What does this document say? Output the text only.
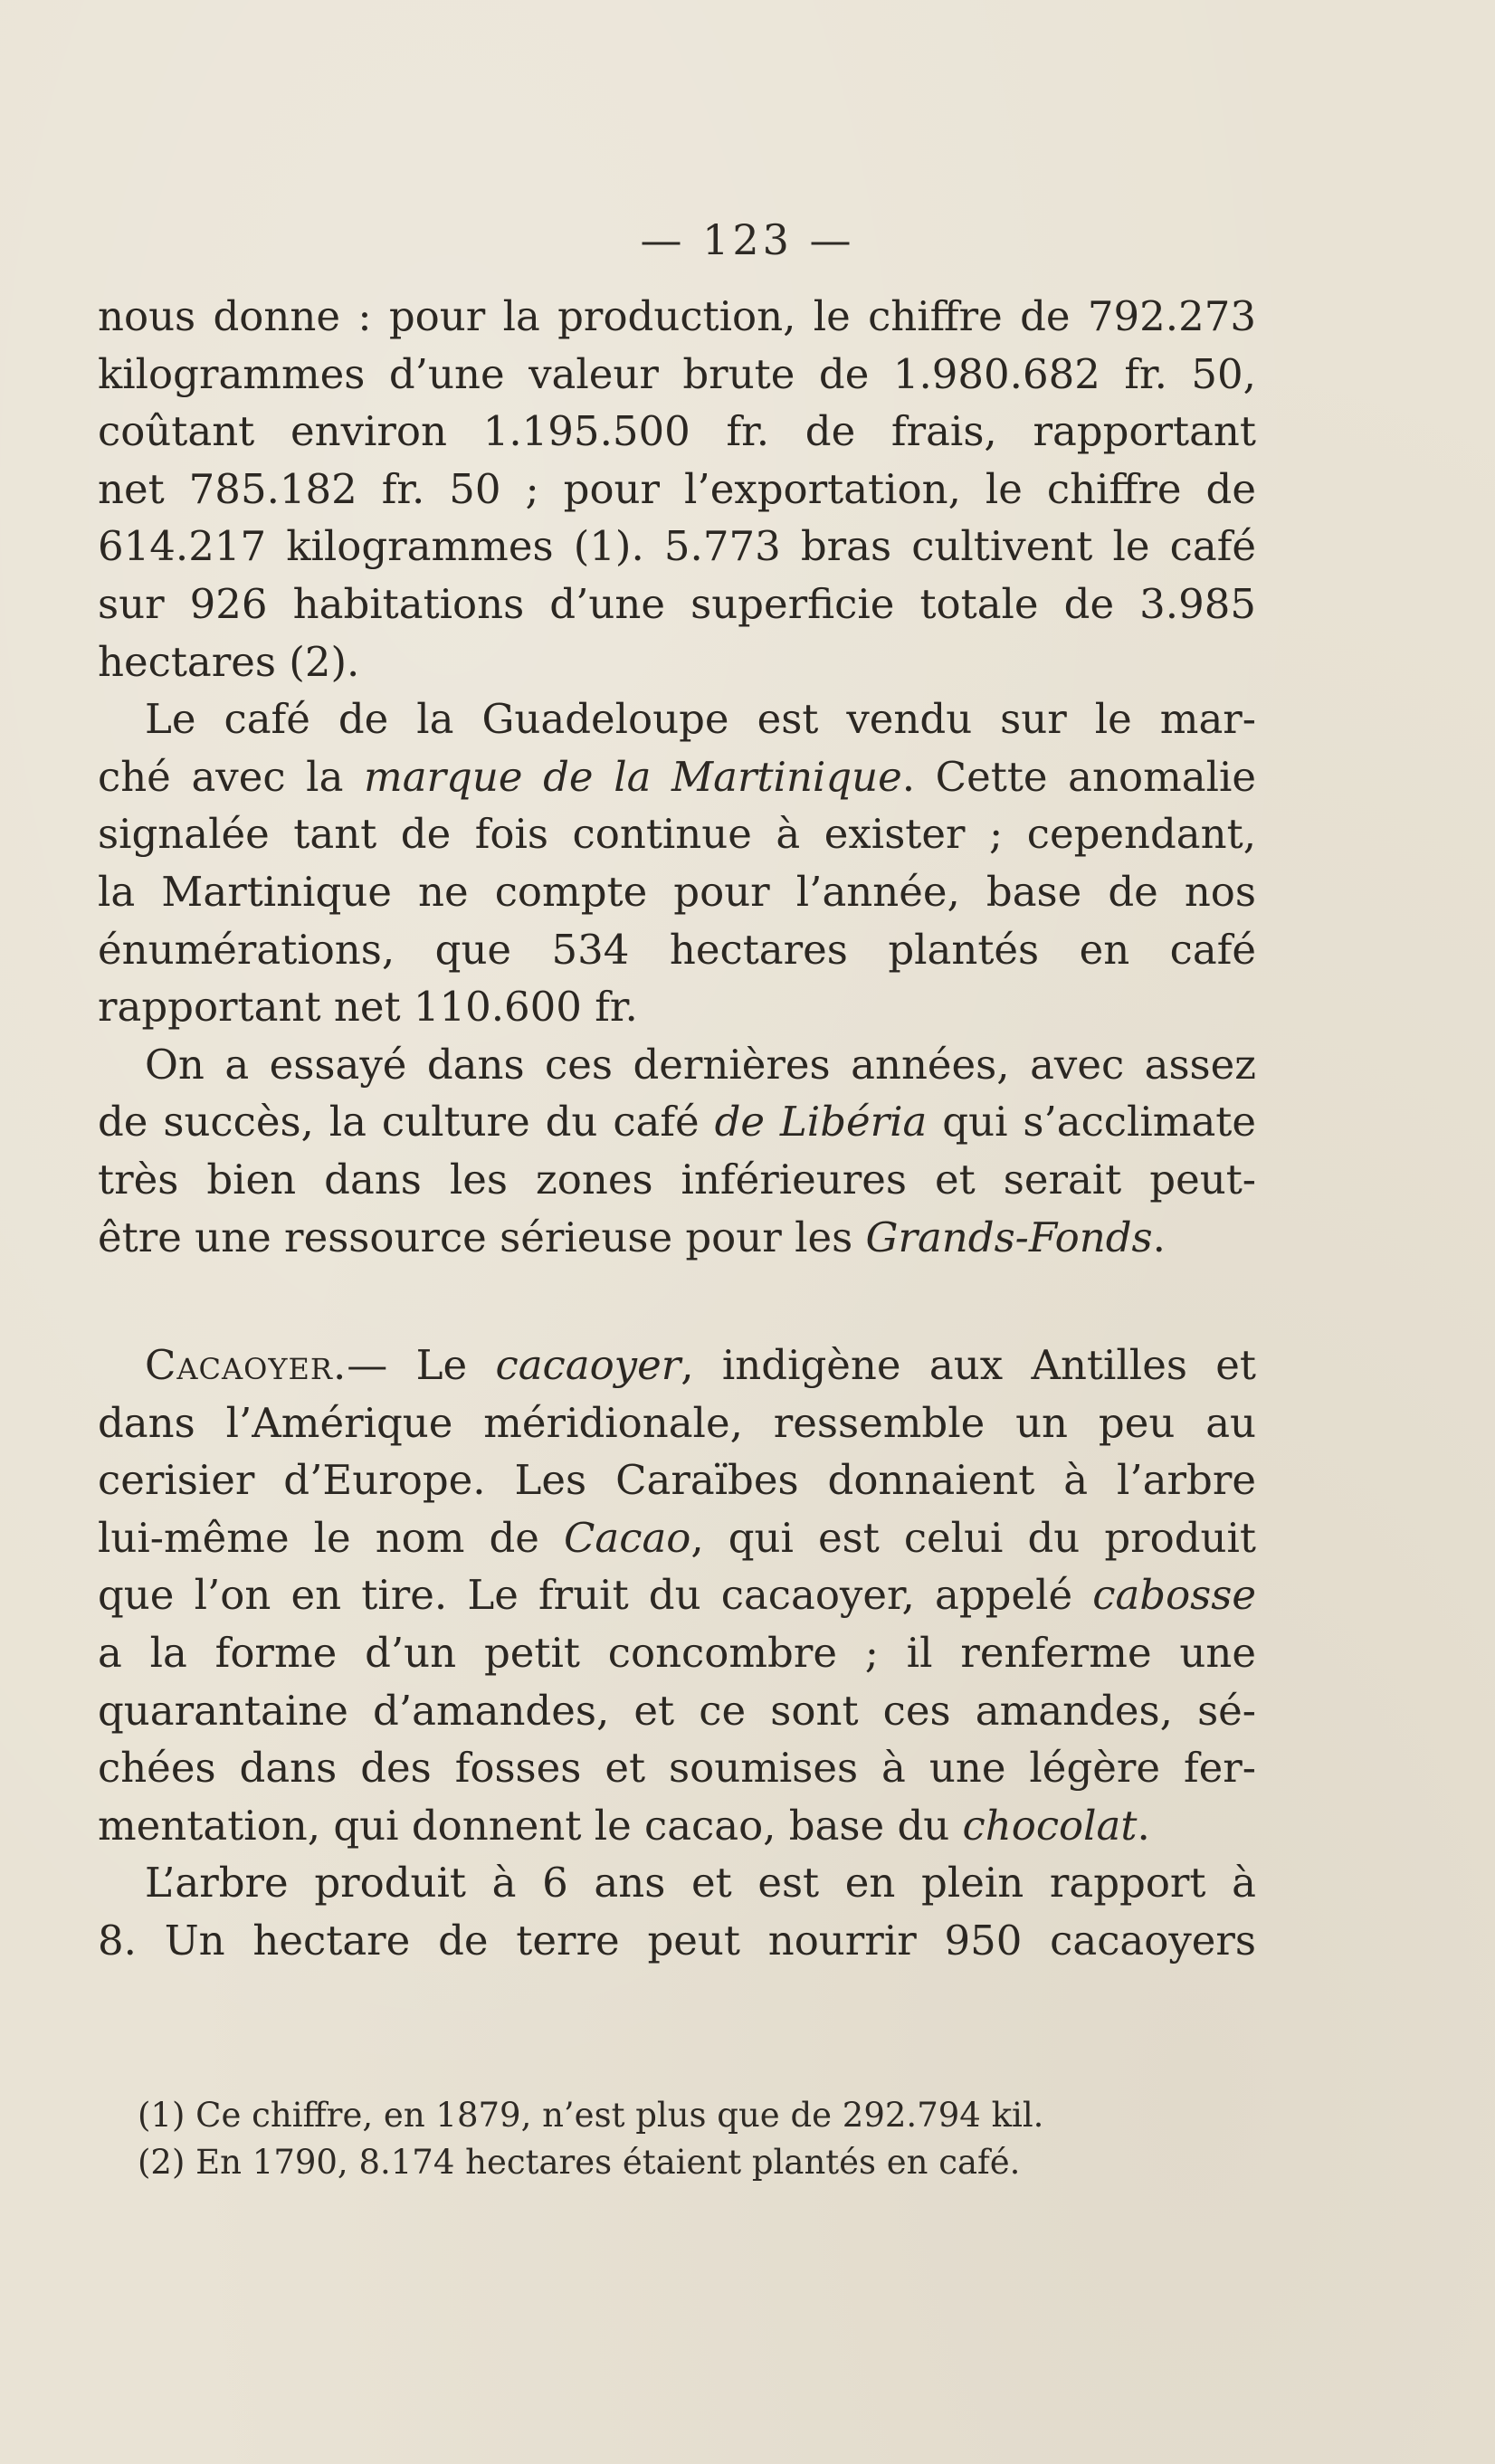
— 123 —
nous donne : pour la production, le chiffre de 792.273
kilogrammes d’une valeur brute de 1.980.682 fr. 50,
coûtant environ 1.195.500 fr. de frais, rapportant
net 785.182 fr. 50 ; pour l’exportation, le chiffre de
614.217 kilogrammes (1). 5.773 bras cultivent le café
sur 926 habitations d’une superficie totale de 3.985
hectares (2).
Le café de la Guadeloupe est vendu sur le mar-
ché avec la marque de la Martinique. Cette anomalie
signalée tant de fois continue à exister ; cependant,
la Martinique ne compte pour l’année, base de nos
énumérations, que 534 hectares plantés en café
rapportant net 110.600 fr.
On a essayé dans ces dernières années, avec assez
de succès, la culture du café de Libéria qui s’acclimate
très bien dans les zones inférieures et serait peut-
être une ressource sérieuse pour les Grands-Fonds.
Cacaoyer.— Le cacaoyer, indigène aux Antilles et
dans l’Amérique méridionale, ressemble un peu au
cerisier d’Europe. Les Caraïbes donnaient à l’arbre
lui-même le nom de Cacao, qui est celui du produit
que l’on en tire. Le fruit du cacaoyer, appelé cabosse
a la forme d’un petit concombre ; il renferme une
quarantaine d’amandes, et ce sont ces amandes, sé-
chées dans des fosses et soumises à une légère fer-
mentation, qui donnent le cacao, base du chocolat.
L’arbre produit à 6 ans et est en plein rapport à
8. Un hectare de terre peut nourrir 950 cacaoyers
(1) Ce chiffre, en 1879, n’est plus que de 292.794 kil.
(2) En 1790, 8.174 hectares étaient plantés en café.
